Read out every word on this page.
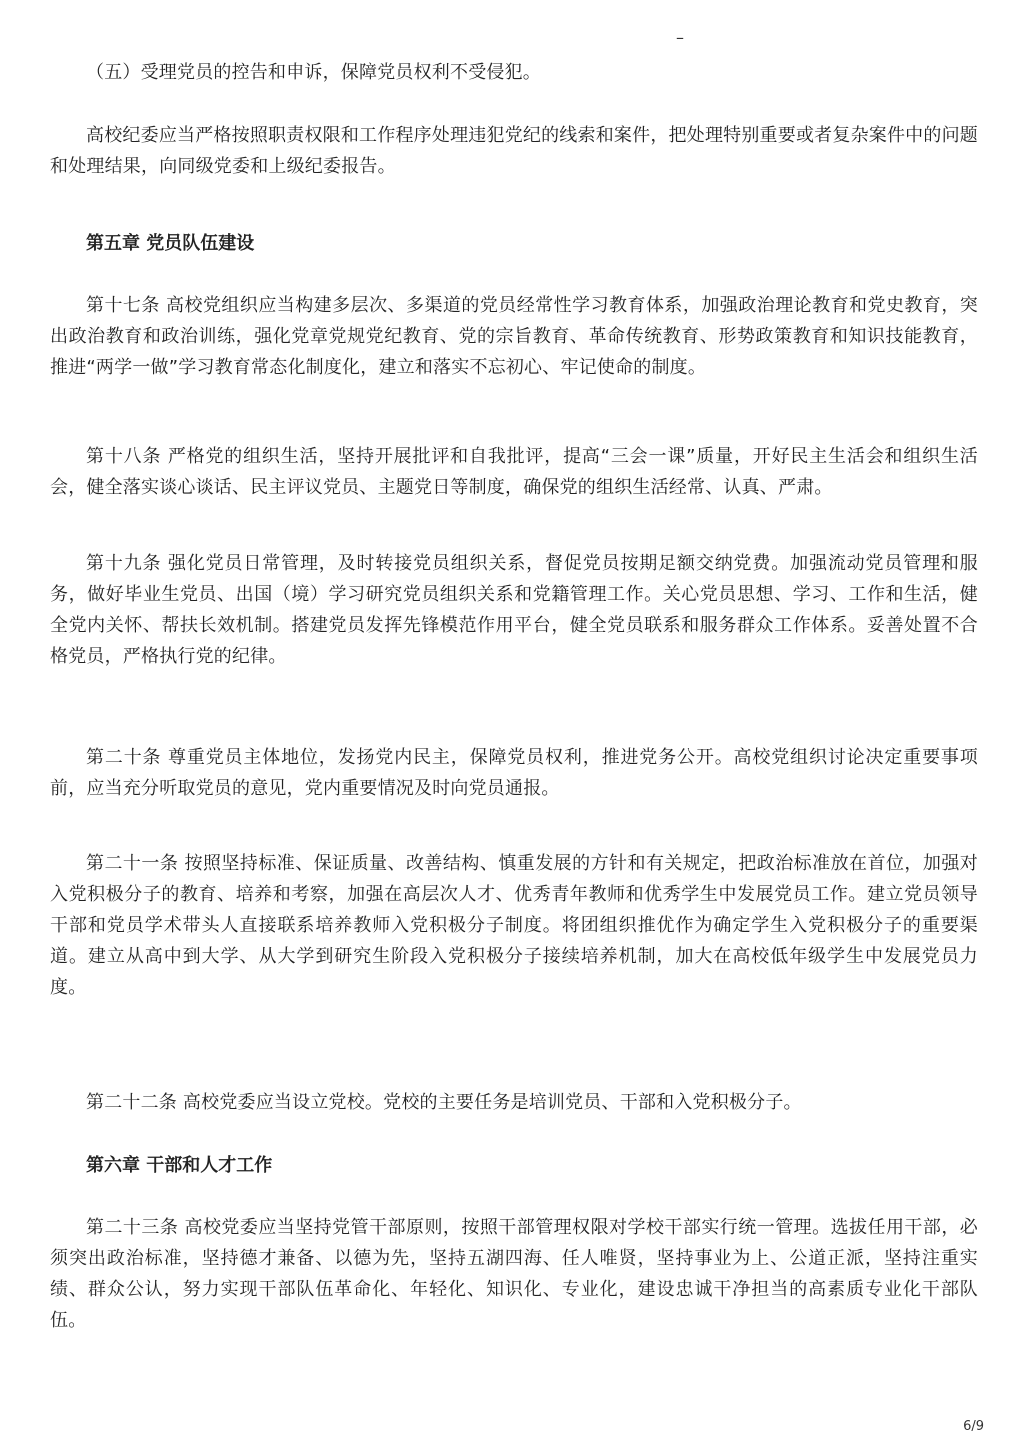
–

（五）受理党员的控告和申诉，保障党员权利不受侵犯。

高校纪委应当严格按照职责权限和工作程序处理违犯党纪的线索和案件，把处理特别重要或者复杂案件中的问题和处理结果，向同级党委和上级纪委报告。

第五章 党员队伍建设

第十七条 高校党组织应当构建多层次、多渠道的党员经常性学习教育体系，加强政治理论教育和党史教育，突出政治教育和政治训练，强化党章党规党纪教育、党的宗旨教育、革命传统教育、形势政策教育和知识技能教育，推进“两学一做”学习教育常态化制度化，建立和落实不忘初心、牢记使命的制度。

第十八条 严格党的组织生活，坚持开展批评和自我批评，提高“三会一课”质量，开好民主生活会和组织生活会，健全落实谈心谈话、民主评议党员、主题党日等制度，确保党的组织生活经常、认真、严肃。

第十九条 强化党员日常管理，及时转接党员组织关系，督促党员按期足额交纳党费。加强流动党员管理和服务，做好毕业生党员、出国（境）学习研究党员组织关系和党籍管理工作。关心党员思想、学习、工作和生活，健全党内关怀、帮扶长效机制。搭建党员发挥先锋模范作用平台，健全党员联系和服务群众工作体系。妥善处置不合格党员，严格执行党的纪律。

第二十条 尊重党员主体地位，发扬党内民主，保障党员权利，推进党务公开。高校党组织讨论决定重要事项前，应当充分听取党员的意见，党内重要情况及时向党员通报。

第二十一条 按照坚持标准、保证质量、改善结构、慎重发展的方针和有关规定，把政治标准放在首位，加强对入党积极分子的教育、培养和考察，加强在高层次人才、优秀青年教师和优秀学生中发展党员工作。建立党员领导干部和党员学术带头人直接联系培养教师入党积极分子制度。将团组织推优作为确定学生入党积极分子的重要渠道。建立从高中到大学、从大学到研究生阶段入党积极分子接续培养机制，加大在高校低年级学生中发展党员力度。

第二十二条 高校党委应当设立党校。党校的主要任务是培训党员、干部和入党积极分子。

第六章 干部和人才工作

第二十三条 高校党委应当坚持党管干部原则，按照干部管理权限对学校干部实行统一管理。选拔任用干部，必须突出政治标准，坚持德才兼备、以德为先，坚持五湖四海、任人唯贤，坚持事业为上、公道正派，坚持注重实绩、群众公认，努力实现干部队伍革命化、年轻化、知识化、专业化，建设忠诚干净担当的高素质专业化干部队伍。

6/9
